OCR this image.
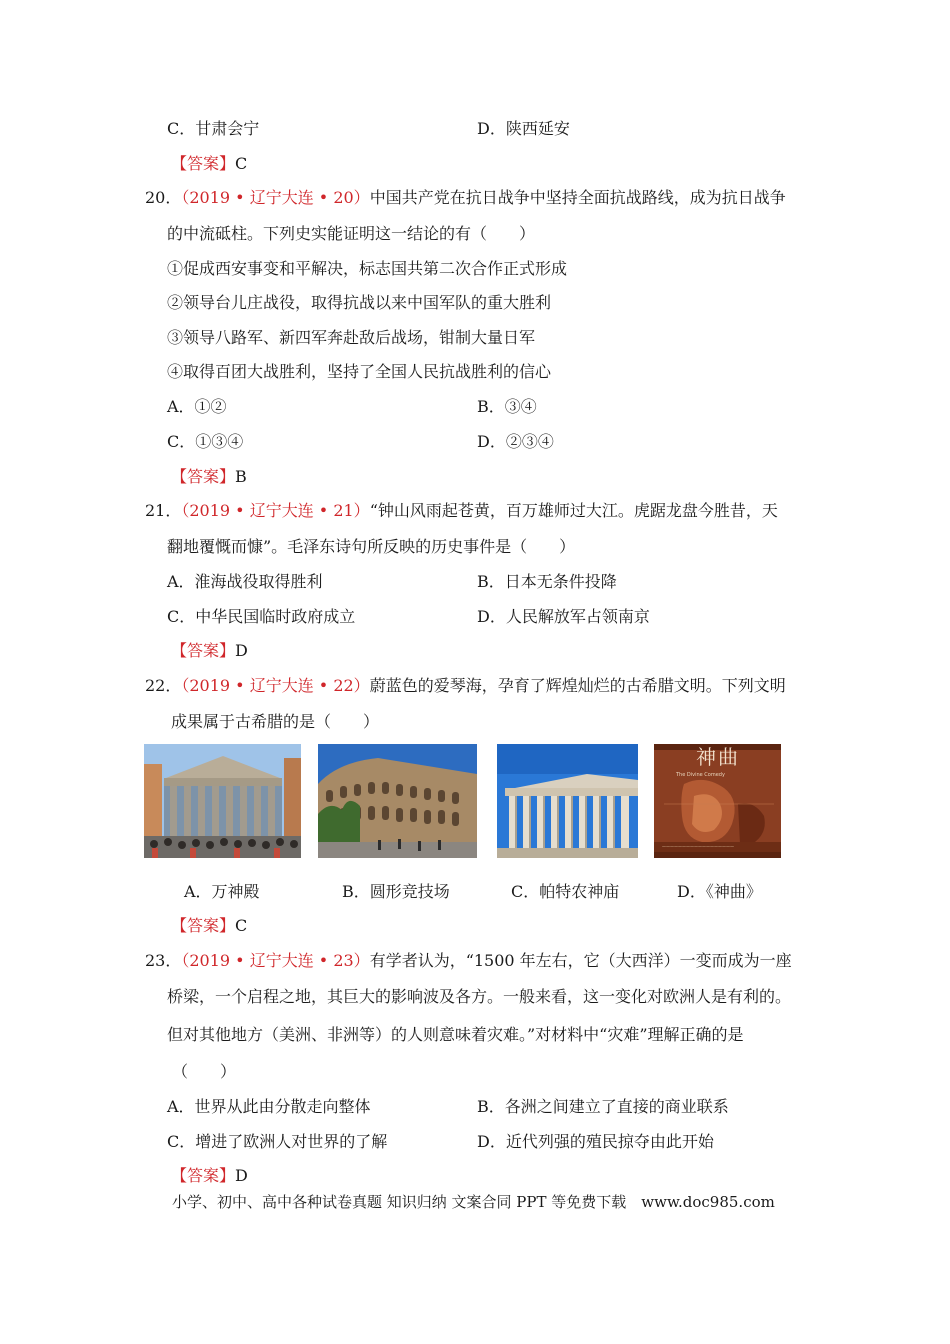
C．甘肃会宁	D．陕西延安
【答案】C
20．（2019 • 辽宁大连 • 20）中国共产党在抗日战争中坚持全面抗战路线，成为抗日战争
的中流砥柱。下列史实能证明这一结论的有（　　）
①促成西安事变和平解决，标志国共第二次合作正式形成
②领导台儿庄战役，取得抗战以来中国军队的重大胜利
③领导八路军、新四军奔赴敌后战场，钳制大量日军
④取得百团大战胜利，坚持了全国人民抗战胜利的信心
A．①②	B．③④
C．①③④	D．②③④
【答案】B
21．（2019 • 辽宁大连 • 21）“钟山风雨起苍黄，百万雄师过大江。虎踞龙盘今胜昔，天
翻地覆慨而慷”。毛泽东诗句所反映的历史事件是（　　）
A．淮海战役取得胜利	B．日本无条件投降
C．中华民国临时政府成立	D．人民解放军占领南京
【答案】D
22．（2019 • 辽宁大连 • 22）蔚蓝色的爱琴海，孕育了辉煌灿烂的古希腊文明。下列文明
成果属于古希腊的是（　　）
——————————————————
神曲
The Divine Comedy
A．万神殿	B．圆形竞技场	C．帕特农神庙	D．《神曲》
【答案】C
23．（2019 • 辽宁大连 • 23）有学者认为，“1500 年左右，它（大西洋）一变而成为一座
桥梁，一个启程之地，其巨大的影响波及各方。一般来看，这一变化对欧洲人是有利的。
但对其他地方（美洲、非洲等）的人则意味着灾难。”对材料中“灾难”理解正确的是
（　　）
A．世界从此由分散走向整体	B．各洲之间建立了直接的商业联系
C．增进了欧洲人对世界的了解	D．近代列强的殖民掠夺由此开始
【答案】D
小学、初中、高中各种试卷真题 知识归纳 文案合同 PPT 等免费下载　www.doc985.com
